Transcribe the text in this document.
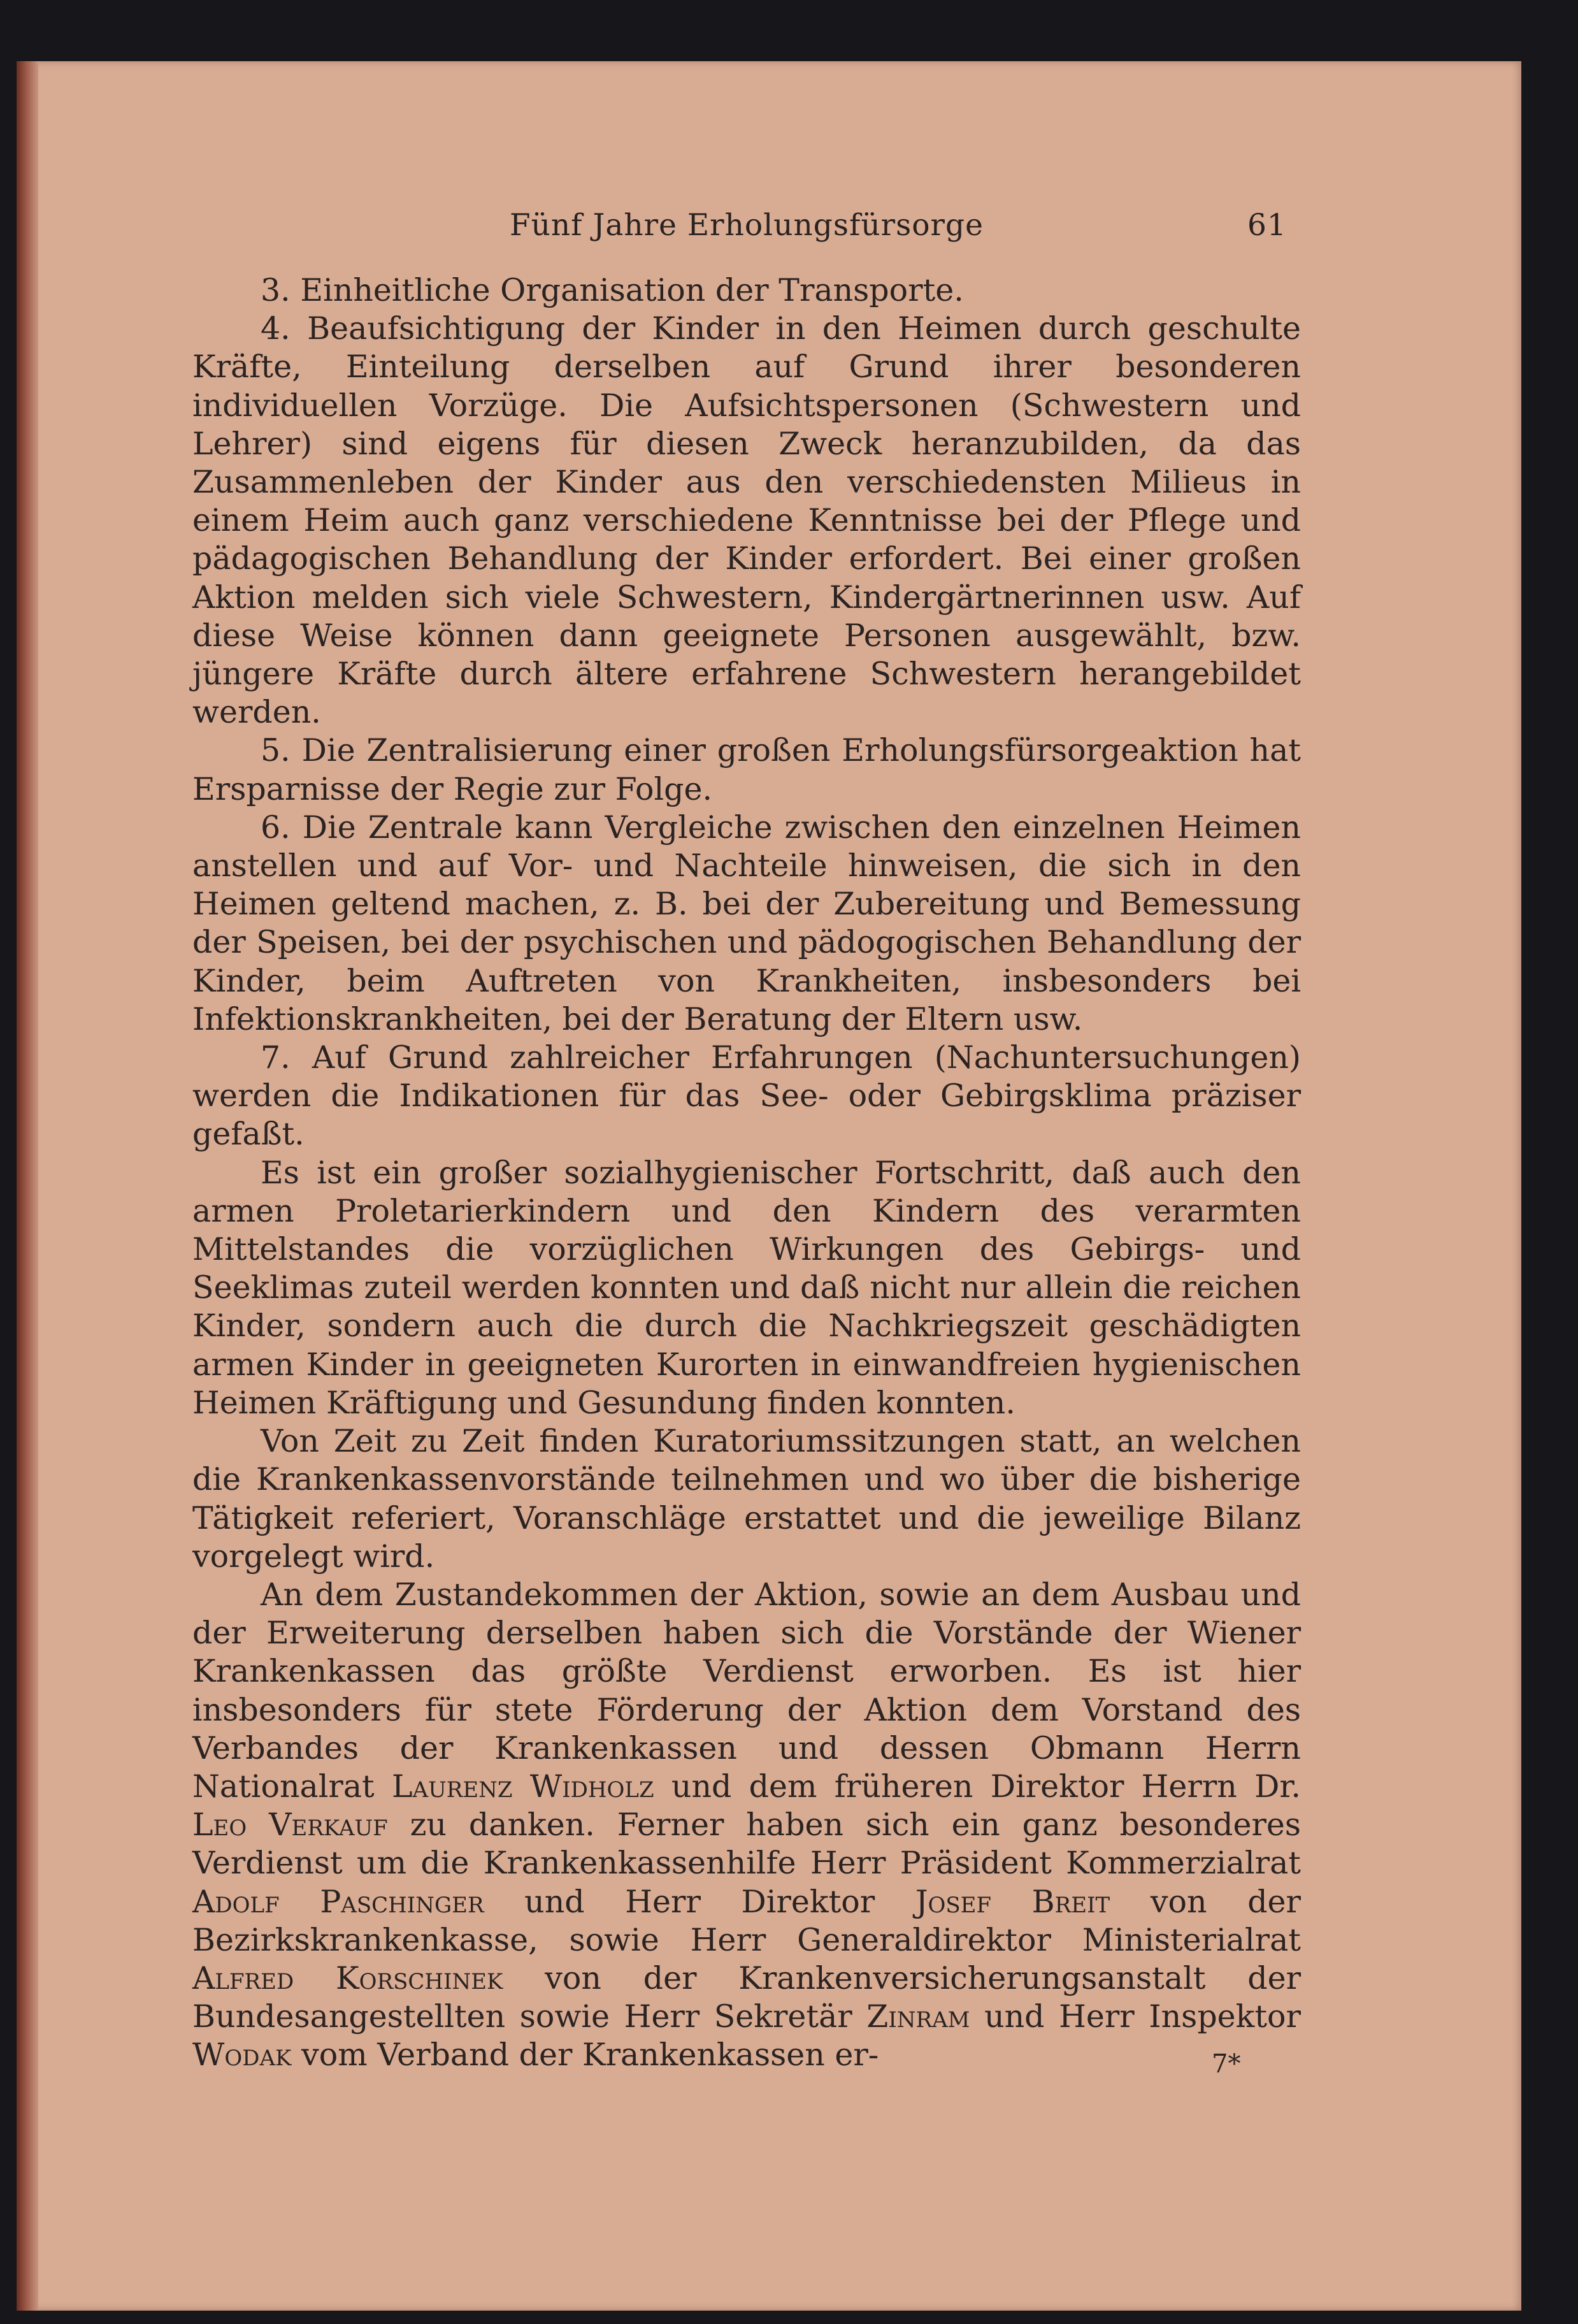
Fünf Jahre Erholungsfürsorge	61

3. Einheitliche Organisation der Transporte.

4. Beaufsichtigung der Kinder in den Heimen durch geschulte Kräfte, Einteilung derselben auf Grund ihrer besonderen individuellen Vorzüge. Die Aufsichtspersonen (Schwestern und Lehrer) sind eigens für diesen Zweck heranzubilden, da das Zusammenleben der Kinder aus den verschiedensten Milieus in einem Heim auch ganz verschiedene Kenntnisse bei der Pflege und pädagogischen Behandlung der Kinder erfordert. Bei einer großen Aktion melden sich viele Schwestern, Kindergärtnerinnen usw. Auf diese Weise können dann geeignete Personen ausgewählt, bzw. jüngere Kräfte durch ältere erfahrene Schwestern herangebildet werden.

5. Die Zentralisierung einer großen Erholungsfürsorgeaktion hat Ersparnisse der Regie zur Folge.

6. Die Zentrale kann Vergleiche zwischen den einzelnen Heimen anstellen und auf Vor- und Nachteile hinweisen, die sich in den Heimen geltend machen, z. B. bei der Zubereitung und Bemessung der Speisen, bei der psychischen und pädogogischen Behandlung der Kinder, beim Auftreten von Krankheiten, insbesonders bei Infektionskrankheiten, bei der Beratung der Eltern usw.

7. Auf Grund zahlreicher Erfahrungen (Nachuntersuchungen) werden die Indikationen für das See- oder Gebirgsklima präziser gefaßt.

Es ist ein großer sozialhygienischer Fortschritt, daß auch den armen Proletarierkindern und den Kindern des verarmten Mittelstandes die vorzüglichen Wirkungen des Gebirgs- und Seeklimas zuteil werden konnten und daß nicht nur allein die reichen Kinder, sondern auch die durch die Nachkriegszeit geschädigten armen Kinder in geeigneten Kurorten in einwandfreien hygienischen Heimen Kräftigung und Gesundung finden konnten.

Von Zeit zu Zeit finden Kuratoriumssitzungen statt, an welchen die Krankenkassenvorstände teilnehmen und wo über die bisherige Tätigkeit referiert, Voranschläge erstattet und die jeweilige Bilanz vorgelegt wird.

An dem Zustandekommen der Aktion, sowie an dem Ausbau und der Erweiterung derselben haben sich die Vorstände der Wiener Krankenkassen das größte Verdienst erworben. Es ist hier insbesonders für stete Förderung der Aktion dem Vorstand des Verbandes der Krankenkassen und dessen Obmann Herrn Nationalrat Laurenz Widholz und dem früheren Direktor Herrn Dr. Leo Verkauf zu danken. Ferner haben sich ein ganz besonderes Verdienst um die Krankenkassenhilfe Herr Präsident Kommerzialrat Adolf Paschinger und Herr Direktor Josef Breit von der Bezirkskrankenkasse, sowie Herr Generaldirektor Ministerialrat Alfred Korschinek von der Krankenversicherungsanstalt der Bundesangestellten sowie Herr Sekretär Zinram und Herr Inspektor Wodak vom Verband der Krankenkassen er-	7*
